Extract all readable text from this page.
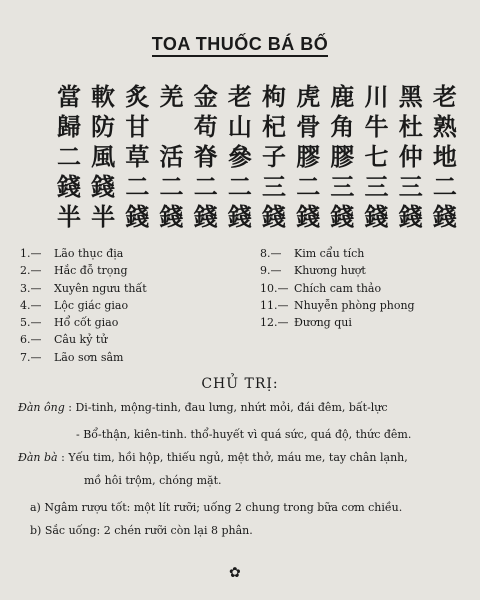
TOA THUỐC BÁ BỐ
老
熟
地
二
錢
黑
杜
仲
三
錢
川
牛
七
三
錢
鹿
角
膠
三
錢
虎
骨
膠
二
錢
枸
杞
子
三
錢
老
山
參
二
錢
金
苟
脊
二
錢
羌
活
二
錢
炙
甘
草
二
錢
軟
防
風
錢
半
當
歸
二
錢
半
1.— Lão thục địa
2.— Hắc đỗ trọng
3.— Xuyên ngưu thất
4.— Lộc giác giao
5.— Hổ cốt giao
6.— Câu kỷ tử
7.— Lão sơn sâm
8.— Kim cẩu tích
9.— Khương hượt
10.— Chích cam thảo
11.— Nhuyễn phòng phong
12.— Đương qui
CHỦ TRỊ:
Đàn ông : Di-tinh, mộng-tinh, đau lưng, nhứt mỏi, đái đêm, bất-lực
- Bổ-thận, kiên-tinh. thổ-huyết vì quá sức, quá độ, thức đêm.
Đàn bà : Yếu tim, hồi hộp, thiếu ngủ, mệt thở, máu me, tay chân lạnh,
mồ hôi trộm, chóng mặt.
a) Ngâm rượu tốt: một lít rưỡi; uống 2 chung trong bữa cơm chiều.
b) Sắc uống: 2 chén rưỡi còn lại 8 phân.
✿
